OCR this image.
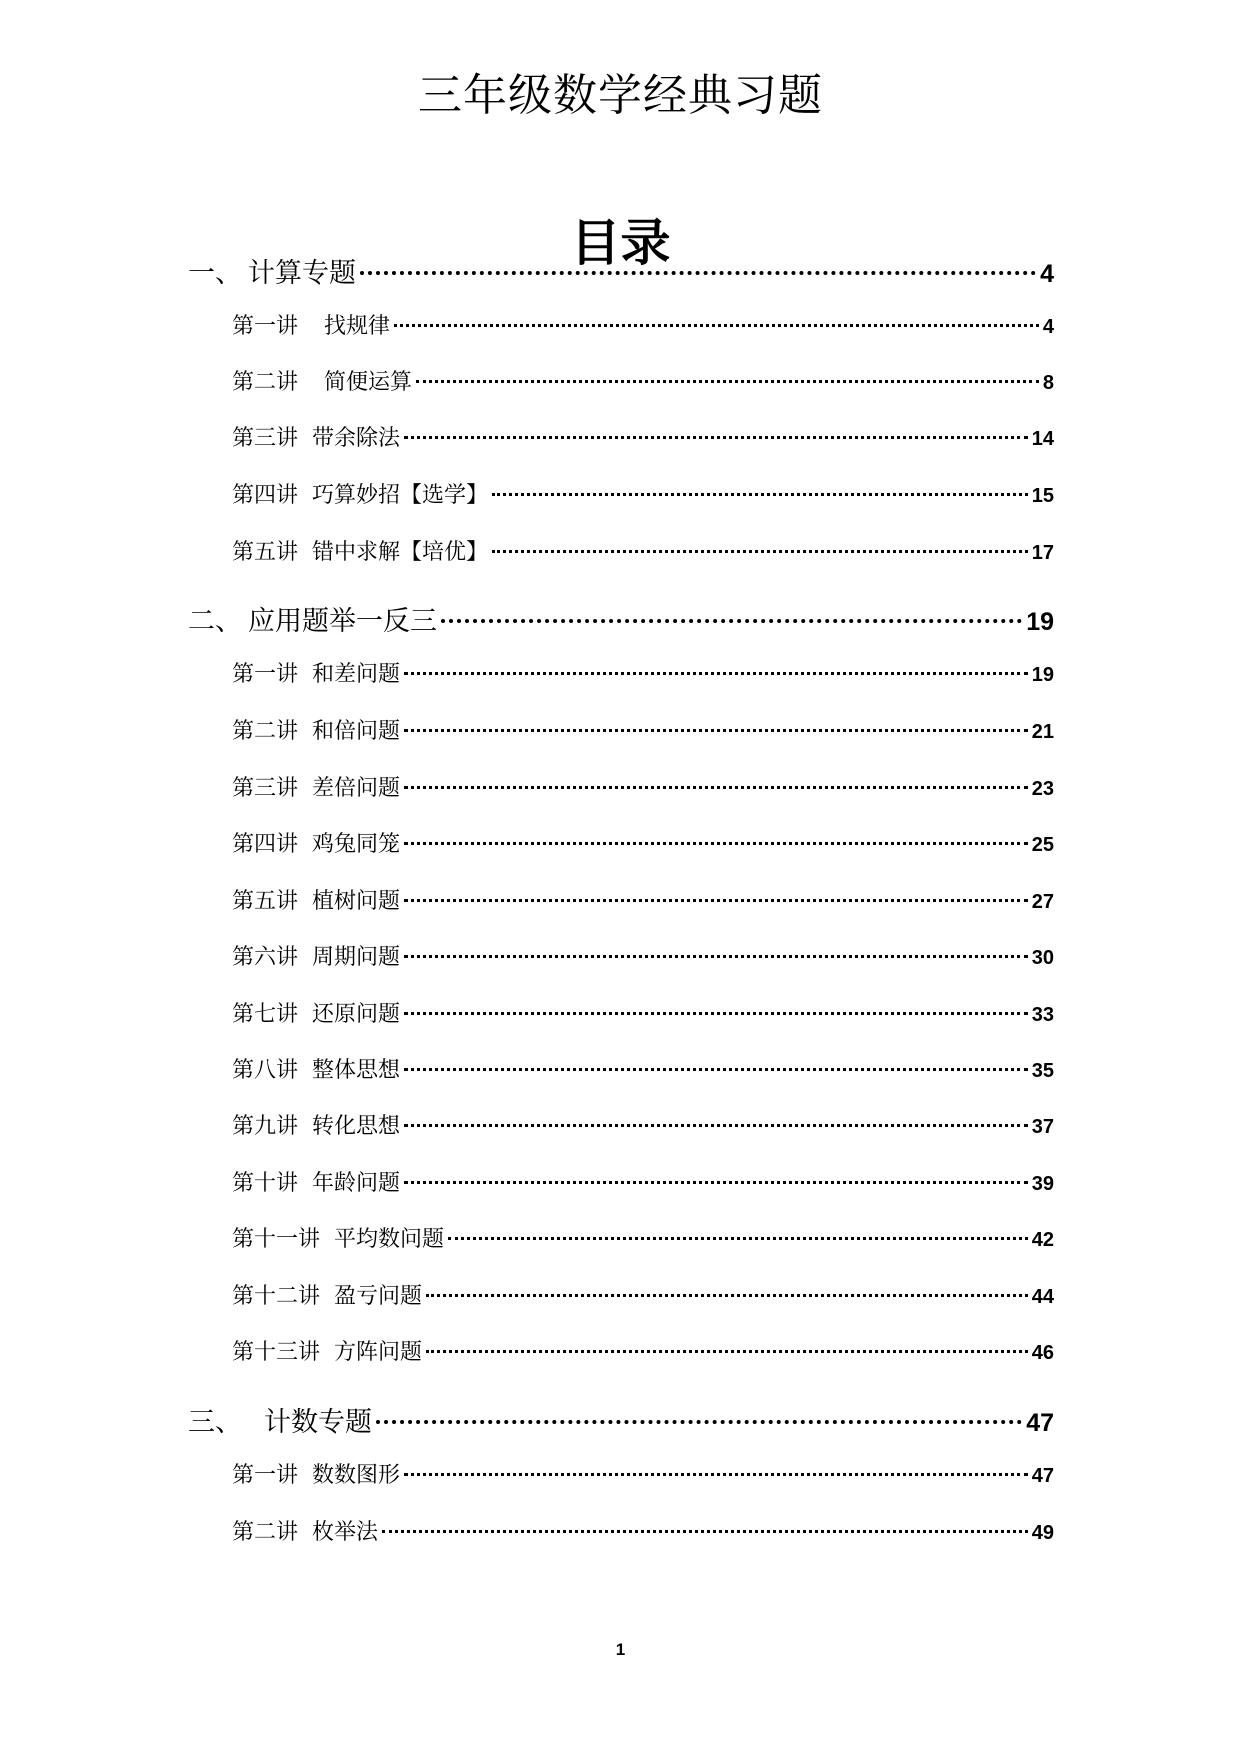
三年级数学经典习题
目录
一、 计算专题	4
第一讲 找规律	4
第二讲 简便运算	8
第三讲 带余除法	14
第四讲 巧算妙招【选学】	15
第五讲 错中求解【培优】	17
二、 应用题举一反三	19
第一讲 和差问题	19
第二讲 和倍问题	21
第三讲 差倍问题	23
第四讲 鸡兔同笼	25
第五讲 植树问题	27
第六讲 周期问题	30
第七讲 还原问题	33
第八讲 整体思想	35
第九讲 转化思想	37
第十讲 年龄问题	39
第十一讲 平均数问题	42
第十二讲 盈亏问题	44
第十三讲 方阵问题	46
三、 计数专题	47
第一讲 数数图形	47
第二讲 枚举法	49
1
